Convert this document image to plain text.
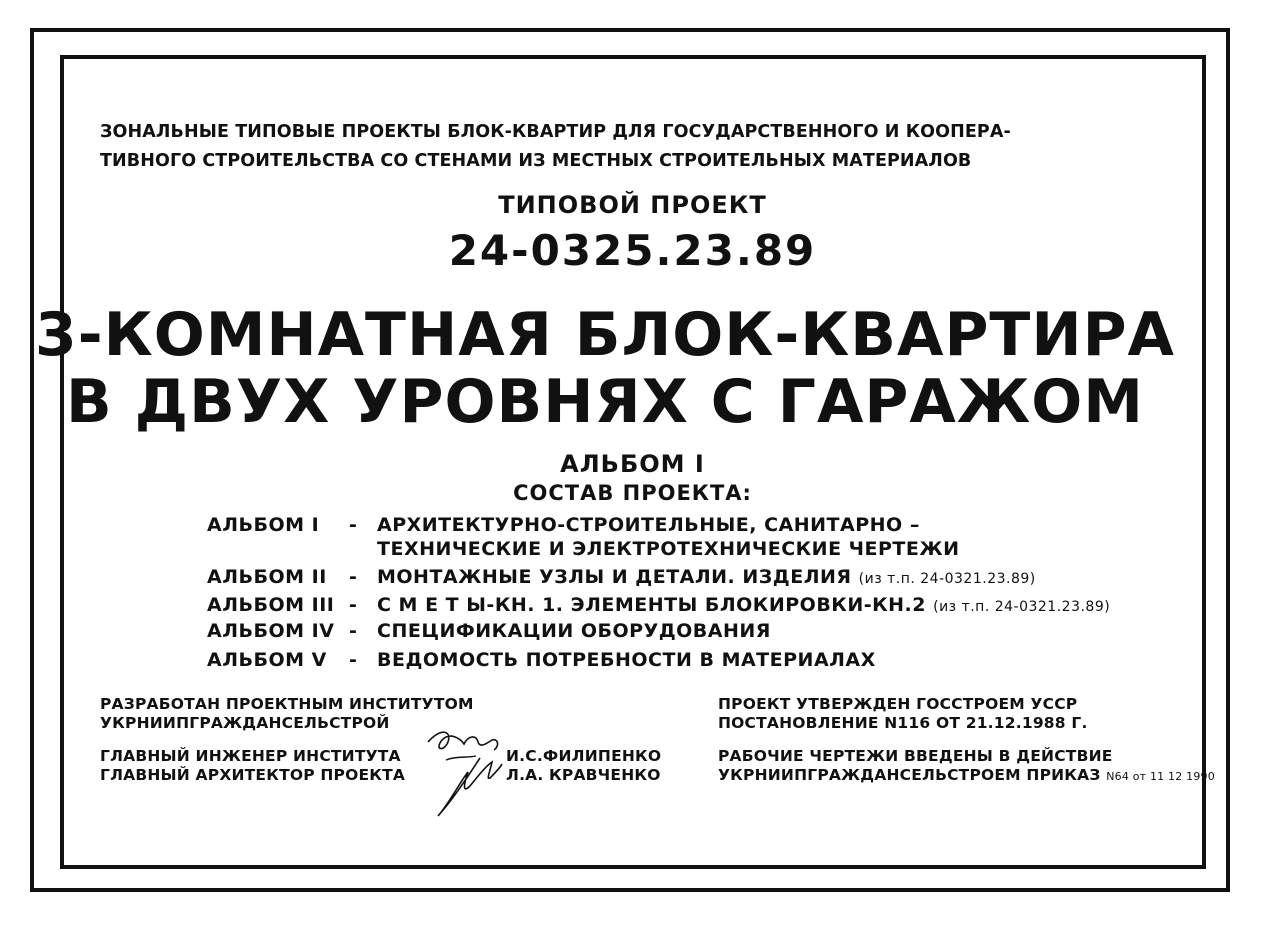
ЗОНАЛЬНЫЕ ТИПОВЫЕ ПРОЕКТЫ БЛОК-КВАРТИР ДЛЯ ГОСУДАРСТВЕННОГО И КООПЕРА-
ТИВНОГО СТРОИТЕЛЬСТВА СО СТЕНАМИ ИЗ МЕСТНЫХ СТРОИТЕЛЬНЫХ МАТЕРИАЛОВ
ТИПОВОЙ ПРОЕКТ
24-0325.23.89
3-КОМНАТНАЯ БЛОК-КВАРТИРА
В ДВУХ УРОВНЯХ С ГАРАЖОМ
АЛЬБОМ I
СОСТАВ ПРОЕКТА:
АЛЬБОМ I - АРХИТЕКТУРНО-СТРОИТЕЛЬНЫЕ, САНИТАРНО –
ТЕХНИЧЕСКИЕ И ЭЛЕКТРОТЕХНИЧЕСКИЕ ЧЕРТЕЖИ
АЛЬБОМ II - МОНТАЖНЫЕ УЗЛЫ И ДЕТАЛИ. ИЗДЕЛИЯ (из т.п. 24-0321.23.89)
АЛЬБОМ III - С М Е Т Ы-КН. 1. ЭЛЕМЕНТЫ БЛОКИРОВКИ-КН.2 (из т.п. 24-0321.23.89)
АЛЬБОМ IV - СПЕЦИФИКАЦИИ ОБОРУДОВАНИЯ
АЛЬБОМ V - ВЕДОМОСТЬ ПОТРЕБНОСТИ В МАТЕРИАЛАХ
РАЗРАБОТАН ПРОЕКТНЫМ ИНСТИТУТОМ
УКРНИИПГРАЖДАНСЕЛЬСТРОЙ
ГЛАВНЫЙ ИНЖЕНЕР ИНСТИТУТА
ГЛАВНЫЙ АРХИТЕКТОР ПРОЕКТА
И.С.ФИЛИПЕНКО
Л.А. КРАВЧЕНКО
ПРОЕКТ УТВЕРЖДЕН ГОССТРОЕМ УССР
ПОСТАНОВЛЕНИЕ N116 ОТ 21.12.1988 Г.
РАБОЧИЕ ЧЕРТЕЖИ ВВЕДЕНЫ В ДЕЙСТВИЕ
УКРНИИПГРАЖДАНСЕЛЬСТРОЕМ ПРИКАЗ N64 от 11 12 1990
